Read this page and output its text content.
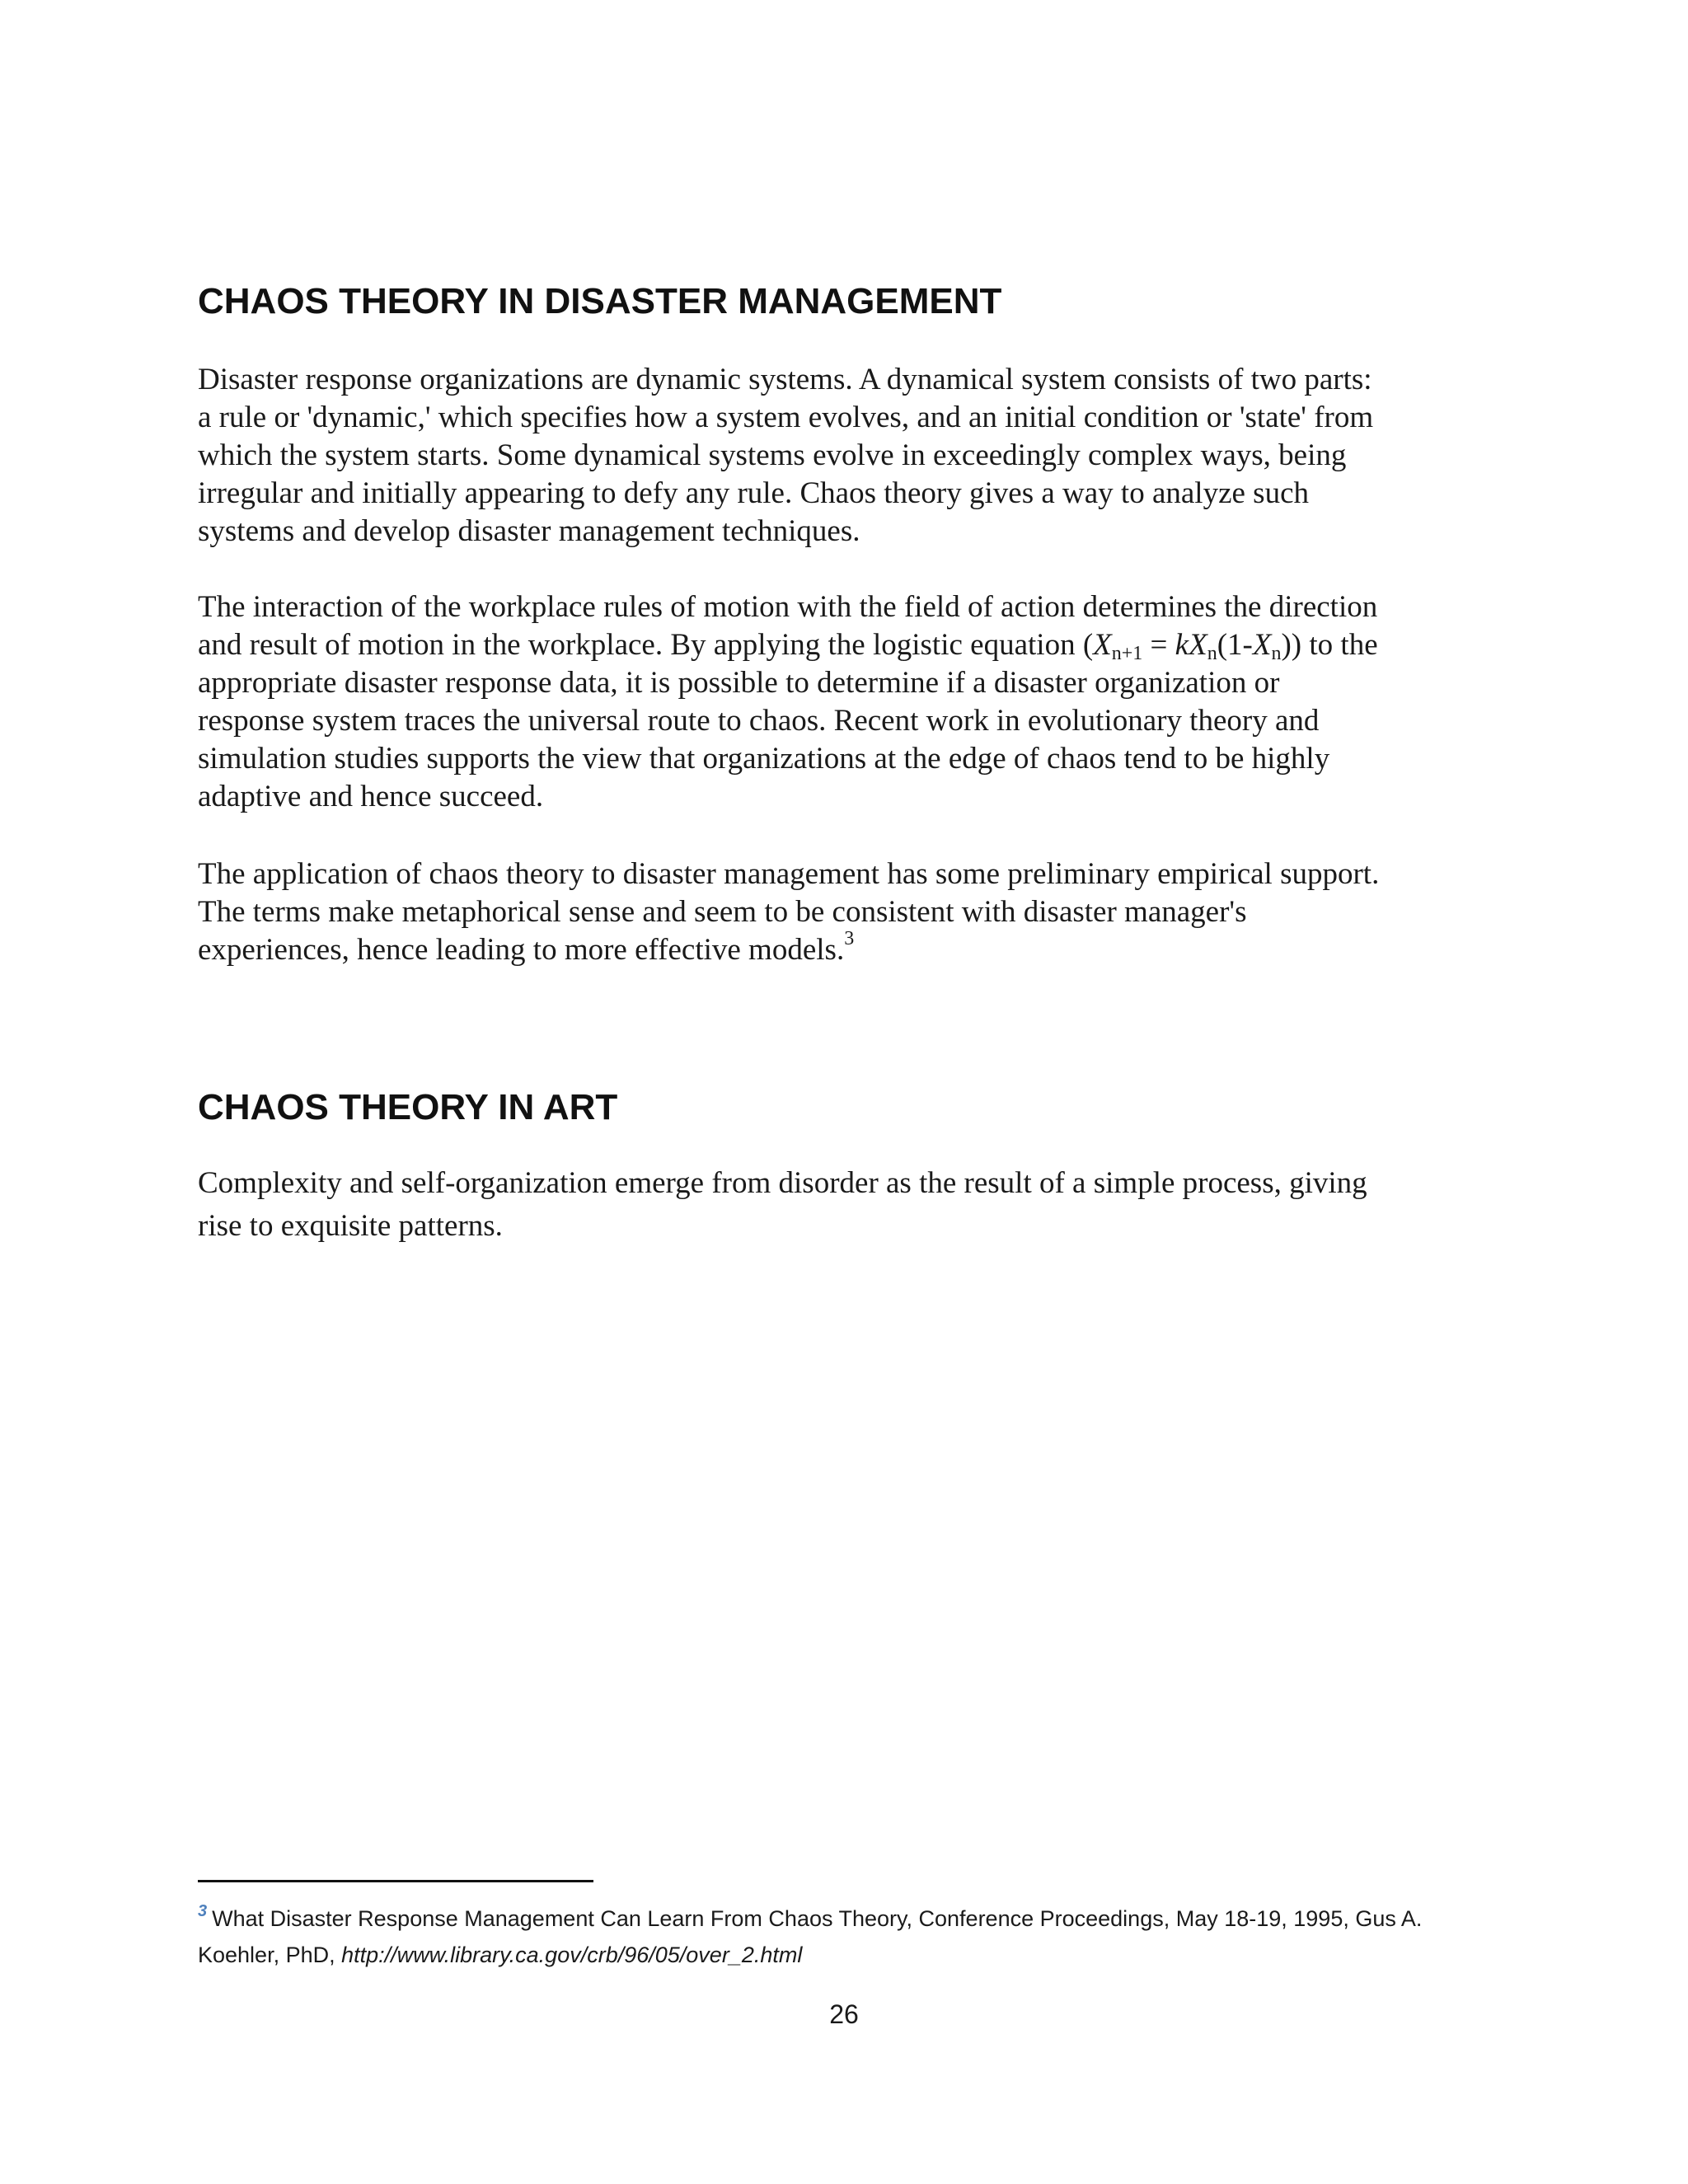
CHAOS THEORY IN DISASTER MANAGEMENT

Disaster response organizations are dynamic systems. A dynamical system consists of two parts:
a rule or 'dynamic,' which specifies how a system evolves, and an initial condition or 'state' from
which the system starts. Some dynamical systems evolve in exceedingly complex ways, being
irregular and initially appearing to defy any rule. Chaos theory gives a way to analyze such
systems and develop disaster management techniques.

The interaction of the workplace rules of motion with the field of action determines the direction
and result of motion in the workplace. By applying the logistic equation $(X_{n+1} = kX_n(1-X_n))$ to the
appropriate disaster response data, it is possible to determine if a disaster organization or
response system traces the universal route to chaos. Recent work in evolutionary theory and
simulation studies supports the view that organizations at the edge of chaos tend to be highly
adaptive and hence succeed.

The application of chaos theory to disaster management has some preliminary empirical support.
The terms make metaphorical sense and seem to be consistent with disaster manager's
experiences, hence leading to more effective models.$^3$

CHAOS THEORY IN ART

Complexity and self-organization emerge from disorder as the result of a simple process, giving
rise to exquisite patterns.

$^3$ What Disaster Response Management Can Learn From Chaos Theory, Conference Proceedings, May 18-19, 1995, Gus A.
Koehler, PhD, http://www.library.ca.gov/crb/96/05/over_2.html
26
